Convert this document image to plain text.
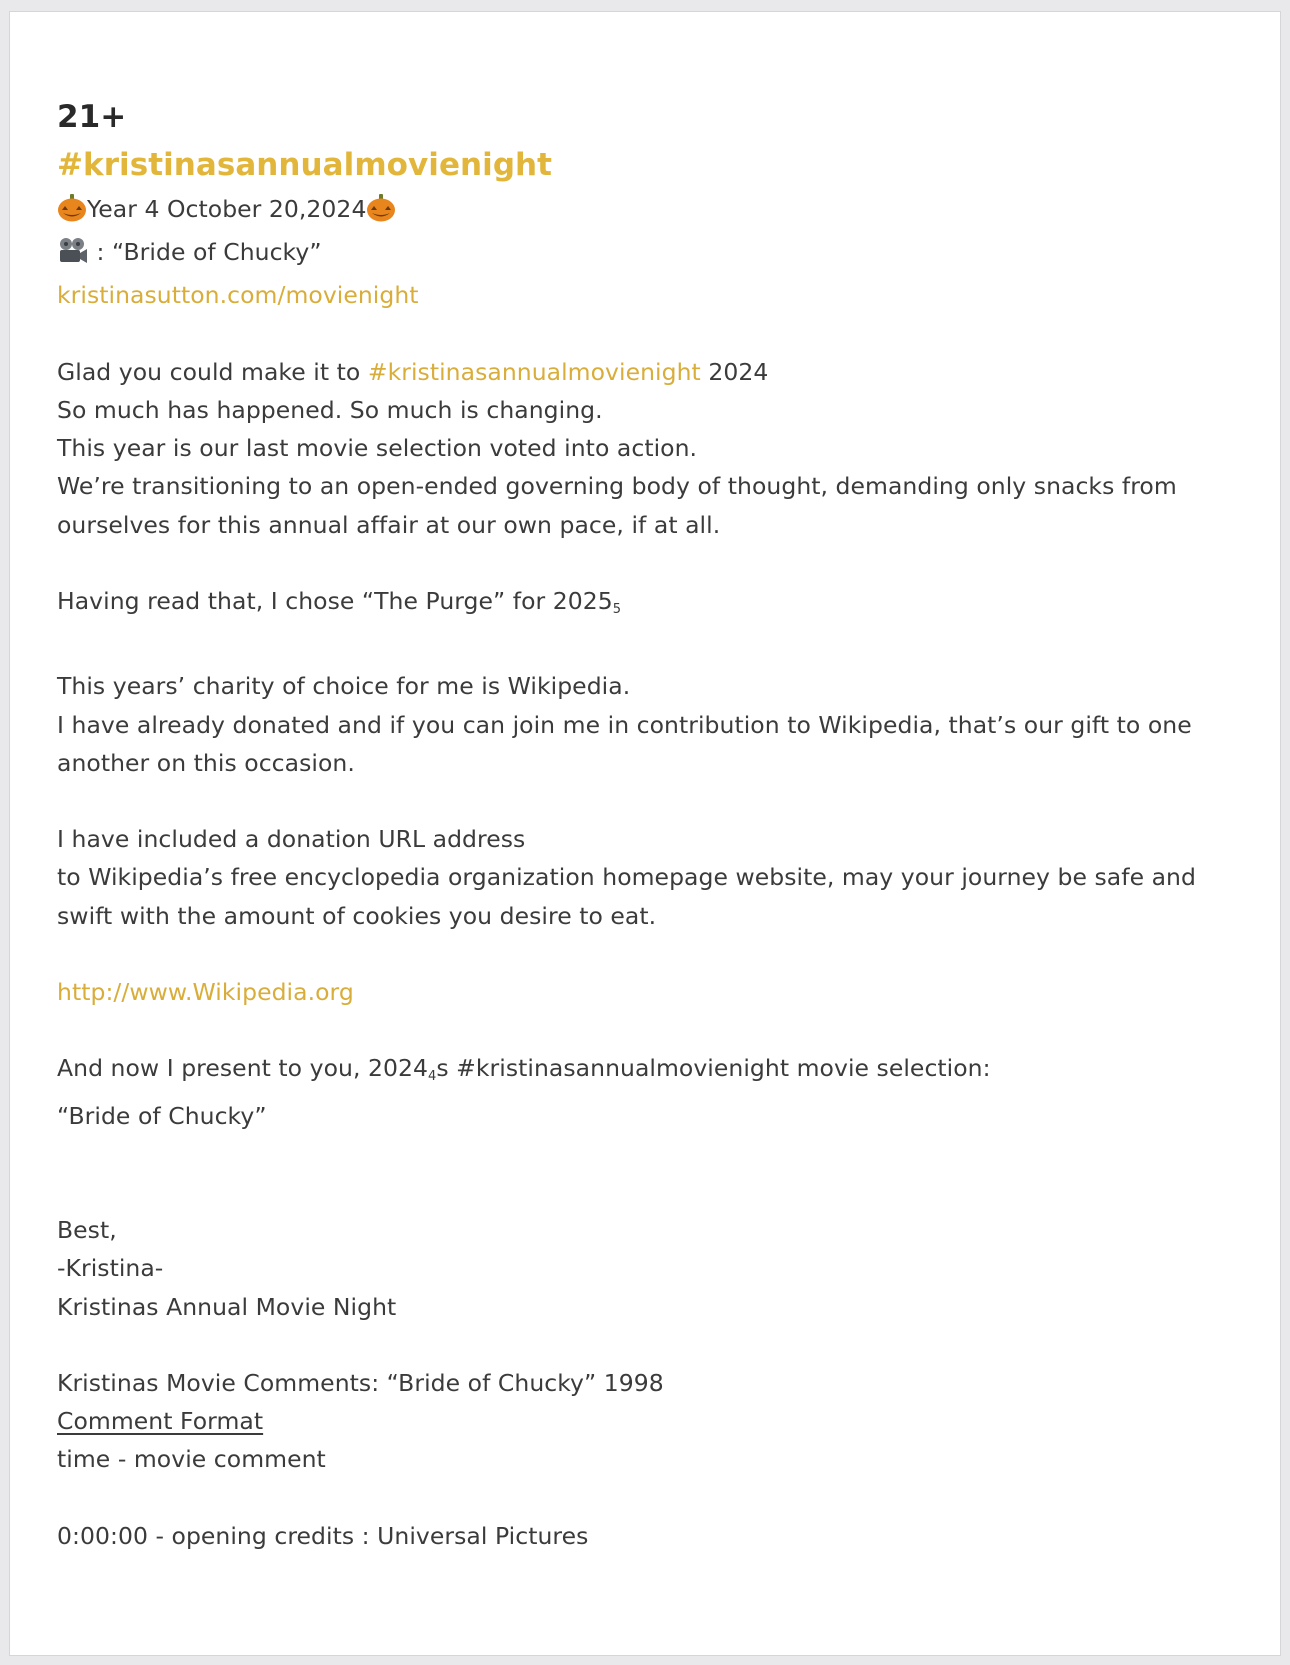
21+
#kristinasannualmovienight
Year 4 October 20,2024
: “Bride of Chucky”
kristinasutton.com/movienight
Glad you could make it to #kristinasannualmovienight 2024
So much has happened. So much is changing.
This year is our last movie selection voted into action.
We’re transitioning to an open-ended governing body of thought, demanding only snacks from ourselves for this annual affair at our own pace, if at all.
Having read that, I chose “The Purge” for $2025_5$
This years’ charity of choice for me is Wikipedia.
I have already donated and if you can join me in contribution to Wikipedia, that’s our gift to one another on this occasion.
I have included a donation URL address
to Wikipedia’s free encyclopedia organization homepage website, may your journey be safe and swift with the amount of cookies you desire to eat.
http://www.Wikipedia.org
And now I present to you, $2024_4s$ #kristinasannualmovienight movie selection:
“Bride of Chucky”
Best,
-Kristina-
Kristinas Annual Movie Night
Kristinas Movie Comments: “Bride of Chucky” 1998
Comment Format
time - movie comment
0:00:00 - opening credits : Universal Pictures
